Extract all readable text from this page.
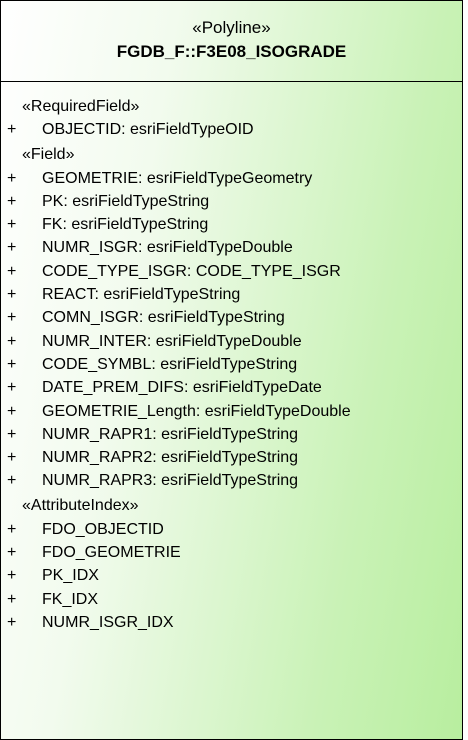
«Polyline»
FGDB_F::F3E08_ISOGRADE
«RequiredField»
+	OBJECTID: esriFieldTypeOID
«Field»
+	GEOMETRIE: esriFieldTypeGeometry
+	PK: esriFieldTypeString
+	FK: esriFieldTypeString
+	NUMR_ISGR: esriFieldTypeDouble
+	CODE_TYPE_ISGR: CODE_TYPE_ISGR
+	REACT: esriFieldTypeString
+	COMN_ISGR: esriFieldTypeString
+	NUMR_INTER: esriFieldTypeDouble
+	CODE_SYMBL: esriFieldTypeString
+	DATE_PREM_DIFS: esriFieldTypeDate
+	GEOMETRIE_Length: esriFieldTypeDouble
+	NUMR_RAPR1: esriFieldTypeString
+	NUMR_RAPR2: esriFieldTypeString
+	NUMR_RAPR3: esriFieldTypeString
«AttributeIndex»
+	FDO_OBJECTID
+	FDO_GEOMETRIE
+	PK_IDX
+	FK_IDX
+	NUMR_ISGR_IDX
